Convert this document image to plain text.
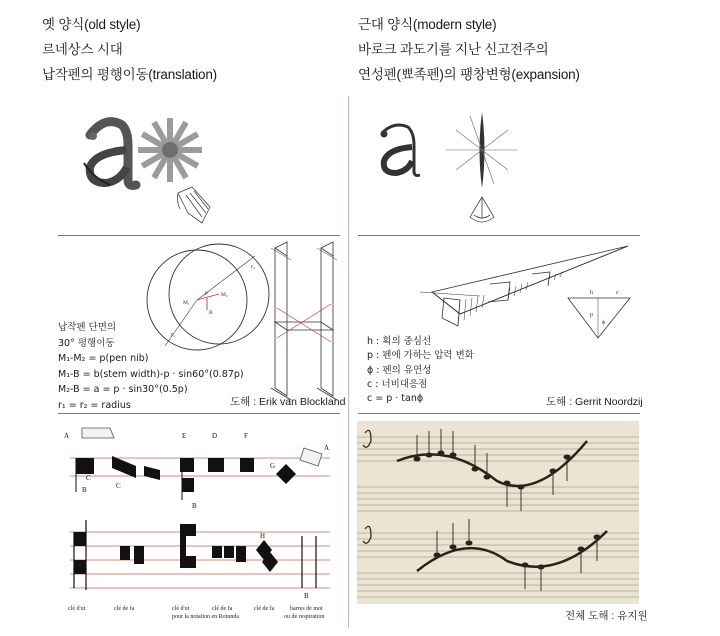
옛 양식(old style)
르네상스 시대
납작펜의 평행이동(translation)
근대 양식(modern style)
바로크 과도기를 지난 신고전주의
연성펜(뾰족펜)의 팽창변형(expansion)
r₂
r₁
M₁
M₂
B
p
납작펜 단면의
30° 평행이동
M₁-M₂ = p(pen nib)
M₁-B = b(stem width)-p · sin60°(0.87p)
M₂-B = a = p · sin30°(0.5p)
r₁ = r₂ = radius	도해 : Erik van Blockland
c
h
p
ϕ
h : 획의 중심선
p : 펜에 가하는 압력 변화
ϕ : 펜의 유연성
c : 너비대응점
c = p · tanϕ	도해 : Gerrit Noordzij
A
A
B
B
B
C
C
D
E	F
G
H
clé d'ut	clé de fa	clé d'ut	clé de fa	clé de fa	barres de mot
pour la notation en Rotunda	ou de respiration	전체 도해 : 유지원
